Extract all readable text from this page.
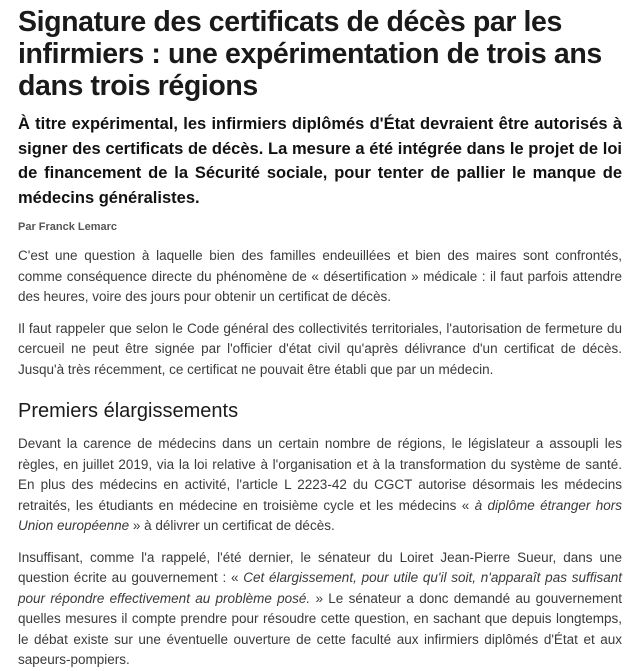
Signature des certificats de décès par les infirmiers : une expérimentation de trois ans dans trois régions
À titre expérimental, les infirmiers diplômés d'État devraient être autorisés à signer des certificats de décès. La mesure a été intégrée dans le projet de loi de financement de la Sécurité sociale, pour tenter de pallier le manque de médecins généralistes.
Par Franck Lemarc

C'est une question à laquelle bien des familles endeuillées et bien des maires sont confrontés, comme conséquence directe du phénomène de « désertification » médicale : il faut parfois attendre des heures, voire des jours pour obtenir un certificat de décès.

Il faut rappeler que selon le Code général des collectivités territoriales, l'autorisation de fermeture du cercueil ne peut être signée par l'officier d'état civil qu'après délivrance d'un certificat de décès. Jusqu'à très récemment, ce certificat ne pouvait être établi que par un médecin.

Premiers élargissements

Devant la carence de médecins dans un certain nombre de régions, le législateur a assoupli les règles, en juillet 2019, via la loi relative à l'organisation et à la transformation du système de santé. En plus des médecins en activité, l'article L 2223-42 du CGCT autorise désormais les médecins retraités, les étudiants en médecine en troisième cycle et les médecins « à diplôme étranger hors Union européenne » à délivrer un certificat de décès.

Insuffisant, comme l'a rappelé, l'été dernier, le sénateur du Loiret Jean-Pierre Sueur, dans une question écrite au gouvernement : « Cet élargissement, pour utile qu'il soit, n'apparaît pas suffisant pour répondre effectivement au problème posé. » Le sénateur a donc demandé au gouvernement quelles mesures il compte prendre pour résoudre cette question, en sachant que depuis longtemps, le débat existe sur une éventuelle ouverture de cette faculté aux infirmiers diplômés d'État et aux sapeurs-pompiers.
